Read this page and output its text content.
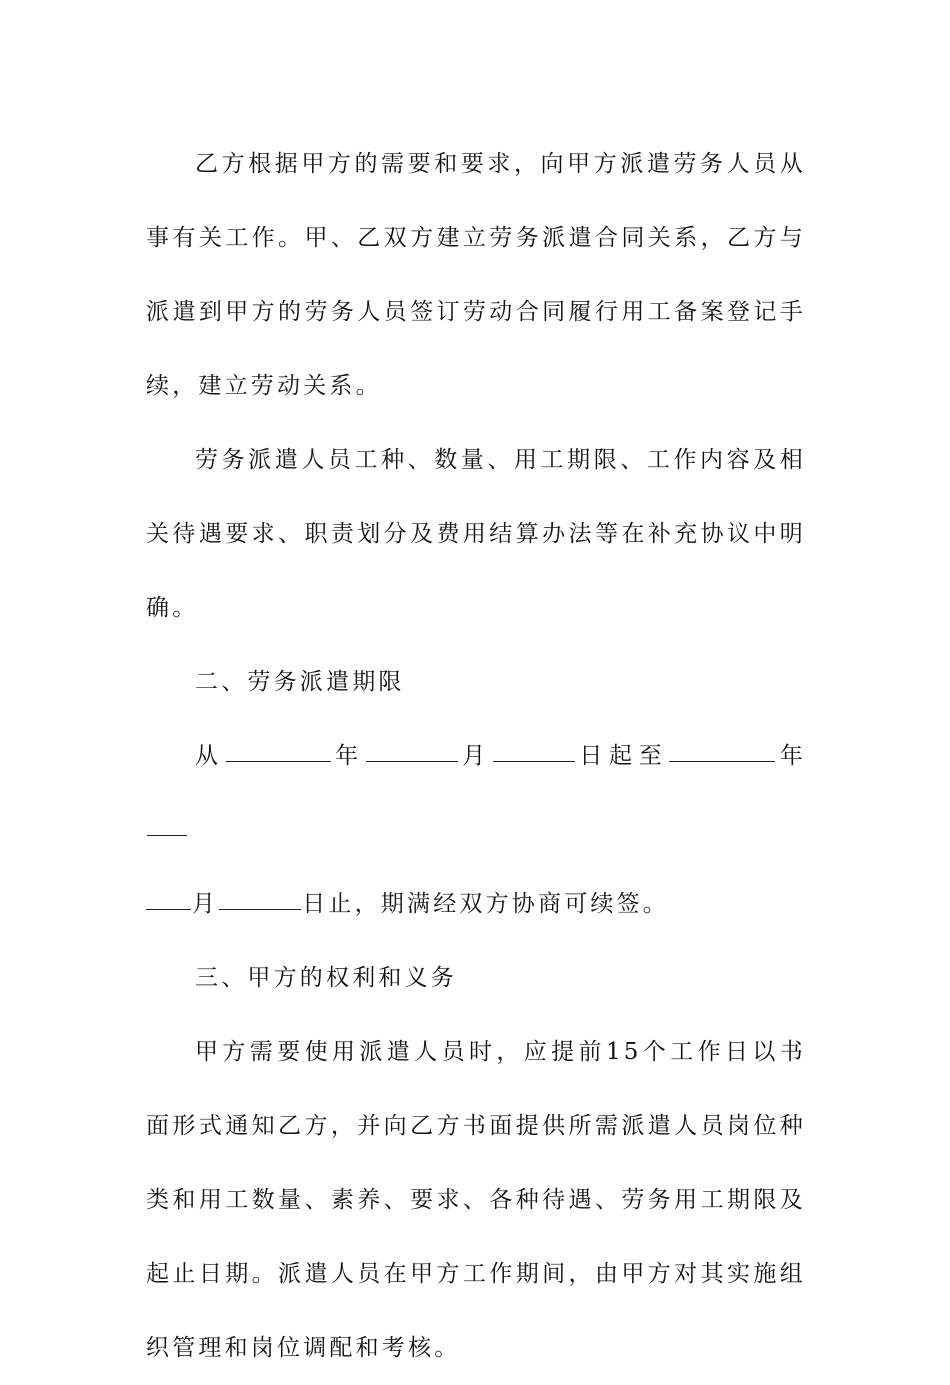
乙方根据甲方的需要和要求，向甲方派遣劳务人员从事有关工作。甲、乙双方建立劳务派遣合同关系，乙方与派遣到甲方的劳务人员签订劳动合同履行用工备案登记手续，建立劳动关系。

劳务派遣人员工种、数量、用工期限、工作内容及相关待遇要求、职责划分及费用结算办法等在补充协议中明确。

二、劳务派遣期限

从	年	月	日起至	年
月	日止，期满经双方协商可续签。

三、甲方的权利和义务

甲方需要使用派遣人员时，应提前15个工作日以书面形式通知乙方，并向乙方书面提供所需派遣人员岗位种类和用工数量、素养、要求、各种待遇、劳务用工期限及起止日期。派遣人员在甲方工作期间，由甲方对其实施组织管理和岗位调配和考核。
